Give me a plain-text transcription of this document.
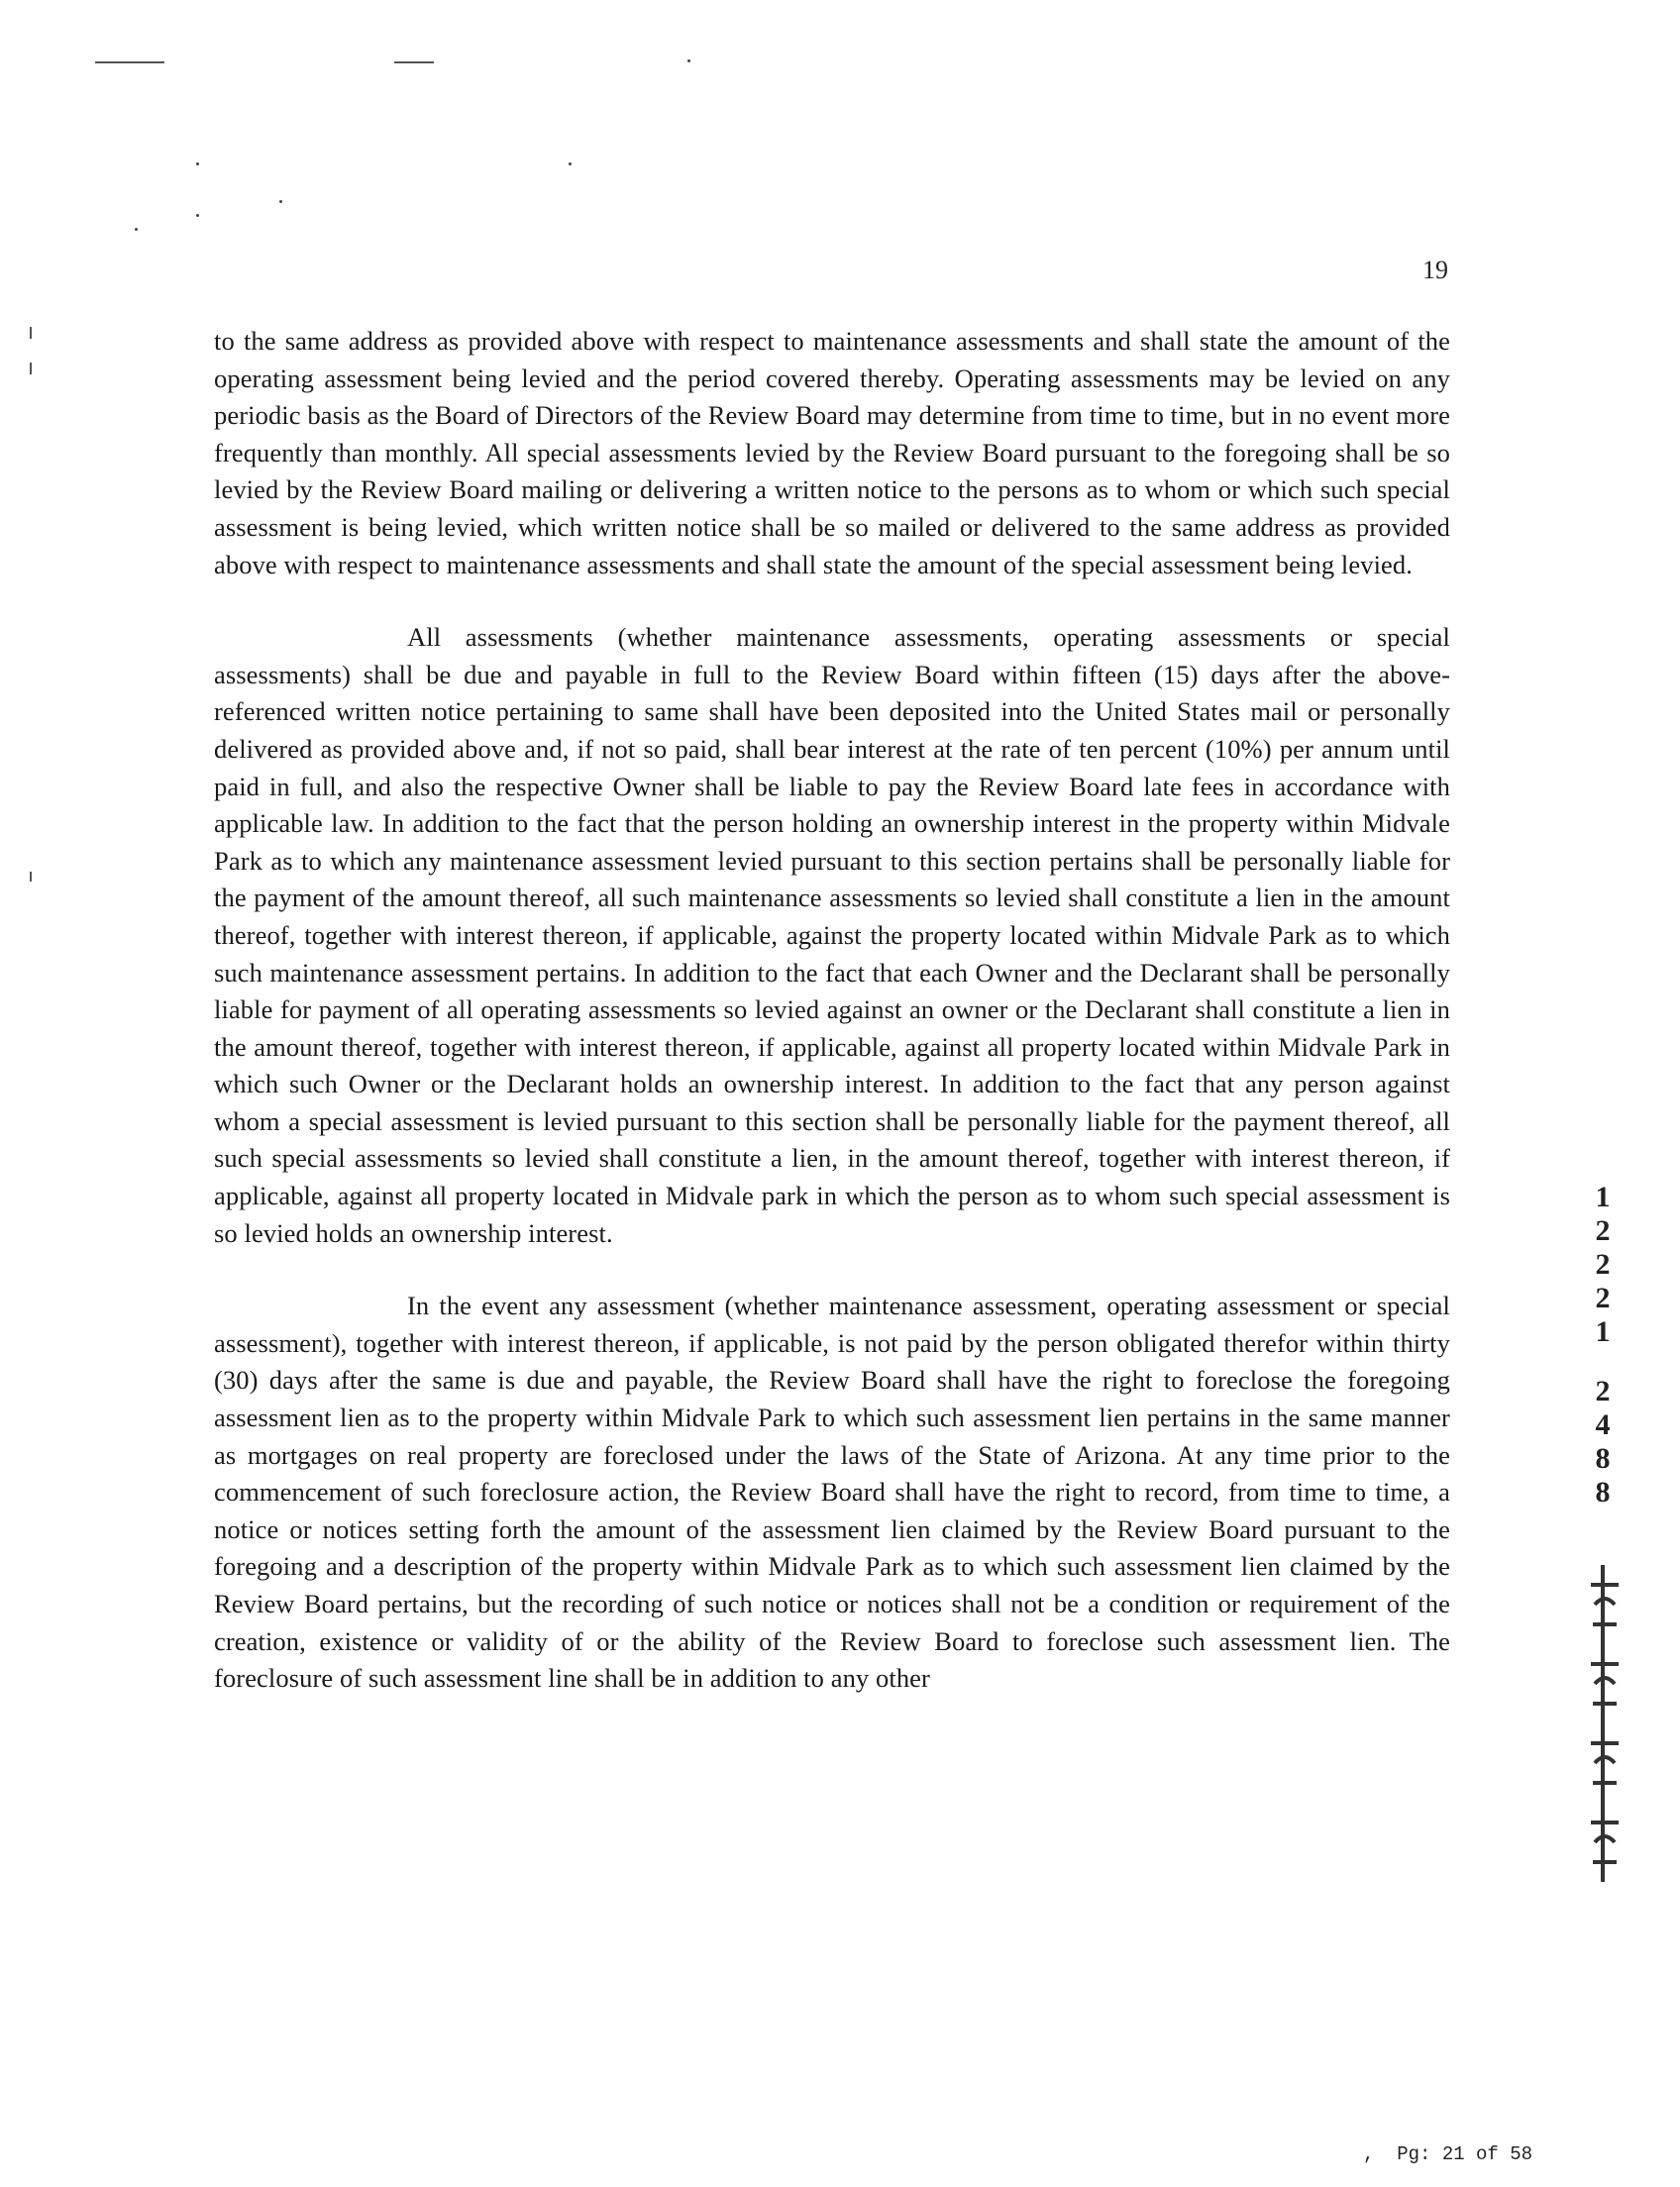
19

to the same address as provided above with respect to maintenance assessments and shall state the amount of the operating assessment being levied and the period covered thereby. Operating assessments may be levied on any periodic basis as the Board of Directors of the Review Board may determine from time to time, but in no event more frequently than monthly. All special assessments levied by the Review Board pursuant to the foregoing shall be so levied by the Review Board mailing or delivering a written notice to the persons as to whom or which such special assessment is being levied, which written notice shall be so mailed or delivered to the same address as provided above with respect to maintenance assessments and shall state the amount of the special assessment being levied.

All assessments (whether maintenance assessments, operating assessments or special assessments) shall be due and payable in full to the Review Board within fifteen (15) days after the above-referenced written notice pertaining to same shall have been deposited into the United States mail or personally delivered as provided above and, if not so paid, shall bear interest at the rate of ten percent (10%) per annum until paid in full, and also the respective Owner shall be liable to pay the Review Board late fees in accordance with applicable law. In addition to the fact that the person holding an ownership interest in the property within Midvale Park as to which any maintenance assessment levied pursuant to this section pertains shall be personally liable for the payment of the amount thereof, all such maintenance assessments so levied shall constitute a lien in the amount thereof, together with interest thereon, if applicable, against the property located within Midvale Park as to which such maintenance assessment pertains. In addition to the fact that each Owner and the Declarant shall be personally liable for payment of all operating assessments so levied against an owner or the Declarant shall constitute a lien in the amount thereof, together with interest thereon, if applicable, against all property located within Midvale Park in which such Owner or the Declarant holds an ownership interest. In addition to the fact that any person against whom a special assessment is levied pursuant to this section shall be personally liable for the payment thereof, all such special assessments so levied shall constitute a lien, in the amount thereof, together with interest thereon, if applicable, against all property located in Midvale park in which the person as to whom such special assessment is so levied holds an ownership interest.

In the event any assessment (whether maintenance assessment, operating assessment or special assessment), together with interest thereon, if applicable, is not paid by the person obligated therefor within thirty (30) days after the same is due and payable, the Review Board shall have the right to foreclose the foregoing assessment lien as to the property within Midvale Park to which such assessment lien pertains in the same manner as mortgages on real property are foreclosed under the laws of the State of Arizona. At any time prior to the commencement of such foreclosure action, the Review Board shall have the right to record, from time to time, a notice or notices setting forth the amount of the assessment lien claimed by the Review Board pursuant to the foregoing and a description of the property within Midvale Park as to which such assessment lien claimed by the Review Board pertains, but the recording of such notice or notices shall not be a condition or requirement of the creation, existence or validity of or the ability of the Review Board to foreclose such assessment lien. The foreclosure of such assessment line shall be in addition to any other

1
2
2
2
1
2
4
8
8
, Pg: 21 of 58
